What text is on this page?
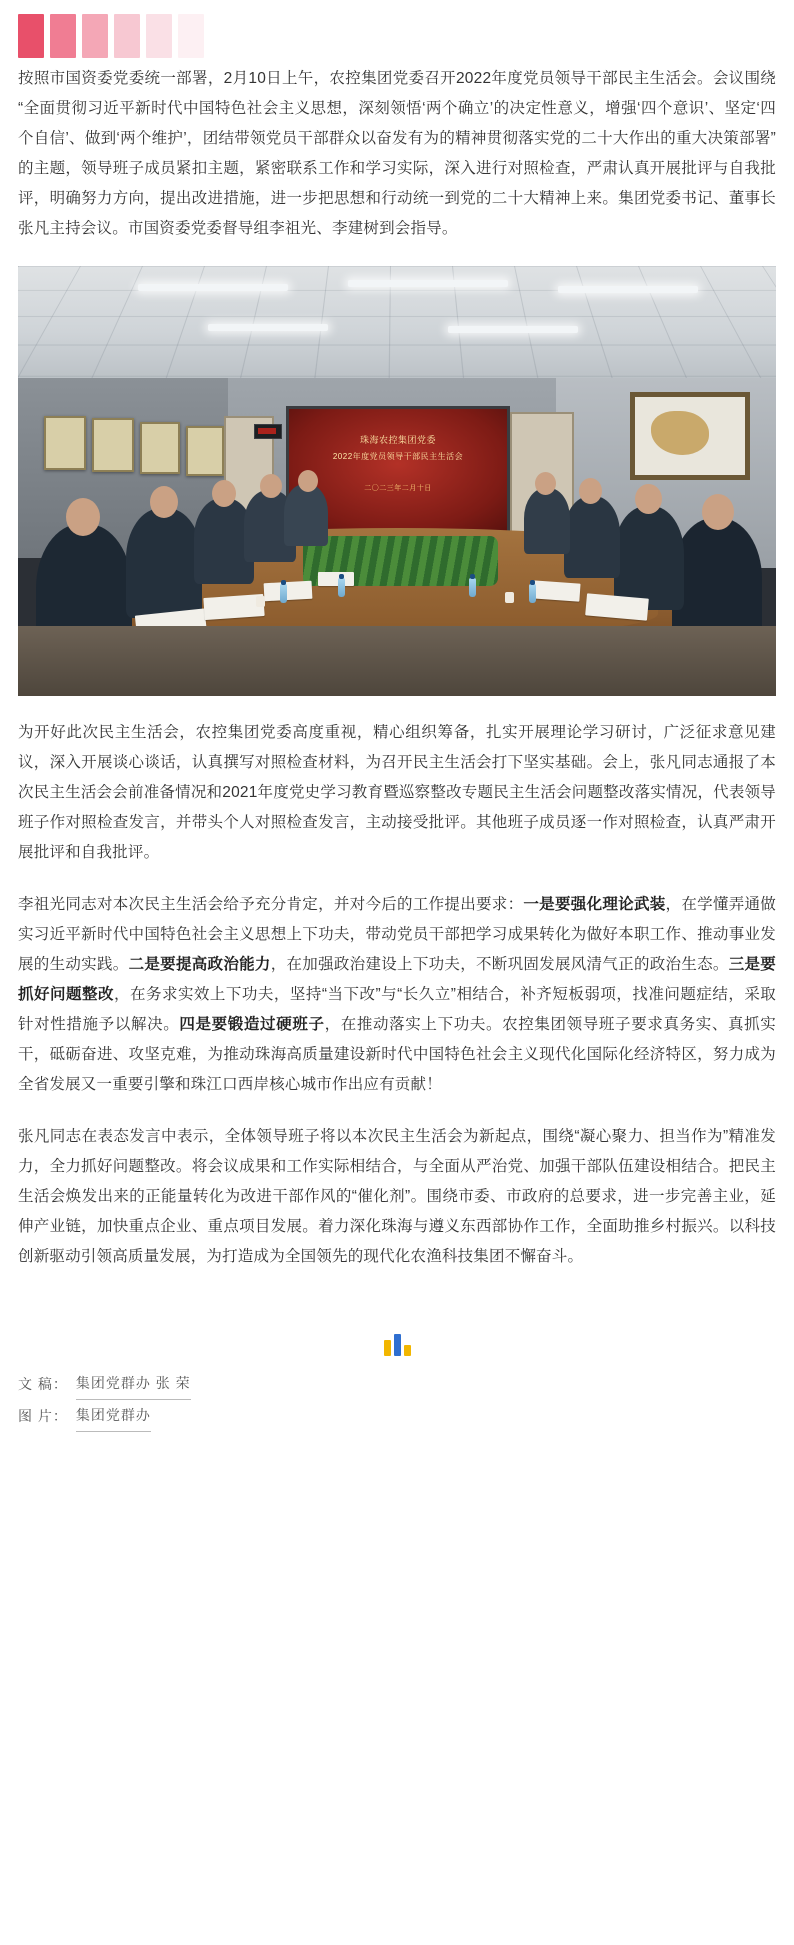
按照市国资委党委统一部署，2月10日上午，农控集团党委召开2022年度党员领导干部民主生活会。会议围绕“全面贯彻习近平新时代中国特色社会主义思想，深刻领悟‘两个确立’的决定性意义，增强‘四个意识’、坚定‘四个自信’、做到‘两个维护’，团结带领党员干部群众以奋发有为的精神贯彻落实党的二十大作出的重大决策部署”的主题，领导班子成员紧扣主题，紧密联系工作和学习实际，深入进行对照检查，严肃认真开展批评与自我批评，明确努力方向，提出改进措施，进一步把思想和行动统一到党的二十大精神上来。集团党委书记、董事长张凡主持会议。市国资委党委督导组李祖光、李建树到会指导。

珠海农控集团党委
2022年度党员领导干部民主生活会
二〇二三年二月十日

为开好此次民主生活会，农控集团党委高度重视，精心组织筹备，扎实开展理论学习研讨，广泛征求意见建议，深入开展谈心谈话，认真撰写对照检查材料，为召开民主生活会打下坚实基础。会上，张凡同志通报了本次民主生活会会前准备情况和2021年度党史学习教育暨巡察整改专题民主生活会问题整改落实情况，代表领导班子作对照检查发言，并带头个人对照检查发言，主动接受批评。其他班子成员逐一作对照检查，认真严肃开展批评和自我批评。

李祖光同志对本次民主生活会给予充分肯定，并对今后的工作提出要求：一是要强化理论武装，在学懂弄通做实习近平新时代中国特色社会主义思想上下功夫，带动党员干部把学习成果转化为做好本职工作、推动事业发展的生动实践。二是要提高政治能力，在加强政治建设上下功夫，不断巩固发展风清气正的政治生态。三是要抓好问题整改，在务求实效上下功夫，坚持“当下改”与“长久立”相结合，补齐短板弱项，找准问题症结，采取针对性措施予以解决。四是要锻造过硬班子，在推动落实上下功夫。农控集团领导班子要求真务实、真抓实干，砥砺奋进、攻坚克难，为推动珠海高质量建设新时代中国特色社会主义现代化国际化经济特区，努力成为全省发展又一重要引擎和珠江口西岸核心城市作出应有贡献！

张凡同志在表态发言中表示，全体领导班子将以本次民主生活会为新起点，围绕“凝心聚力、担当作为”精准发力，全力抓好问题整改。将会议成果和工作实际相结合，与全面从严治党、加强干部队伍建设相结合。把民主生活会焕发出来的正能量转化为改进干部作风的“催化剂”。围绕市委、市政府的总要求，进一步完善主业，延伸产业链，加快重点企业、重点项目发展。着力深化珠海与遵义东西部协作工作，全面助推乡村振兴。以科技创新驱动引领高质量发展，为打造成为全国领先的现代化农渔科技集团不懈奋斗。

文 稿： 集团党群办 张 荣
图 片： 集团党群办
